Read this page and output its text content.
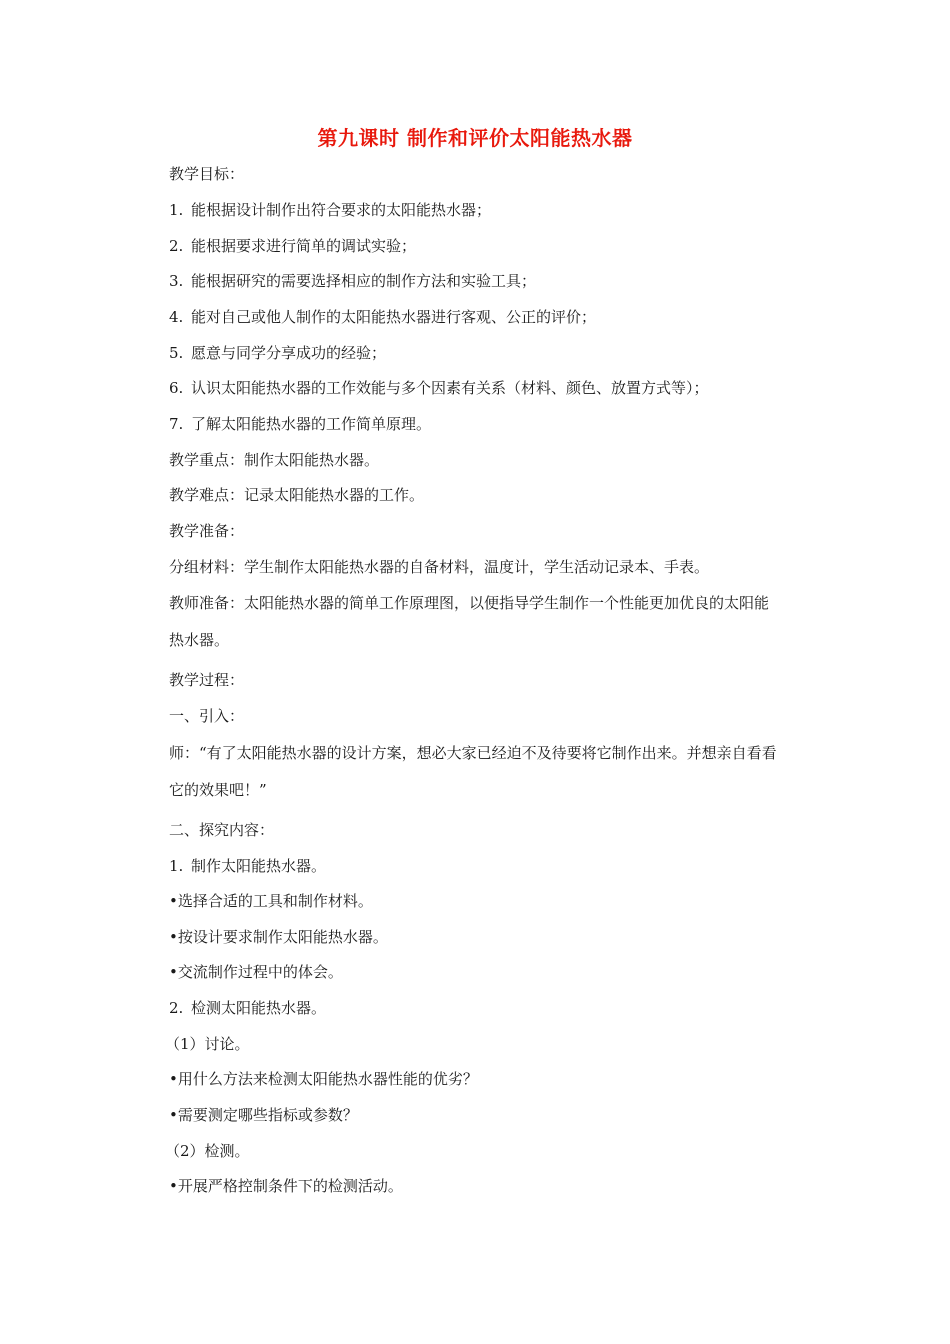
第九课时 制作和评价太阳能热水器

教学目标：

1. 能根据设计制作出符合要求的太阳能热水器；

2. 能根据要求进行简单的调试实验；

3. 能根据研究的需要选择相应的制作方法和实验工具；

4. 能对自己或他人制作的太阳能热水器进行客观、公正的评价；

5. 愿意与同学分享成功的经验；

6. 认识太阳能热水器的工作效能与多个因素有关系（材料、颜色、放置方式等）；

7. 了解太阳能热水器的工作简单原理。

教学重点：制作太阳能热水器。

教学难点：记录太阳能热水器的工作。

教学准备：

分组材料：学生制作太阳能热水器的自备材料，温度计，学生活动记录本、手表。

教师准备：太阳能热水器的简单工作原理图，以便指导学生制作一个性能更加优良的太阳能热水器。

教学过程：

一、引入：

师：“有了太阳能热水器的设计方案，想必大家已经迫不及待要将它制作出来。并想亲自看看它的效果吧！”

二、探究内容：

1. 制作太阳能热水器。

•选择合适的工具和制作材料。

•按设计要求制作太阳能热水器。

•交流制作过程中的体会。

2. 检测太阳能热水器。

（1）讨论。

•用什么方法来检测太阳能热水器性能的优劣？

•需要测定哪些指标或参数？

（2）检测。

•开展严格控制条件下的检测活动。
